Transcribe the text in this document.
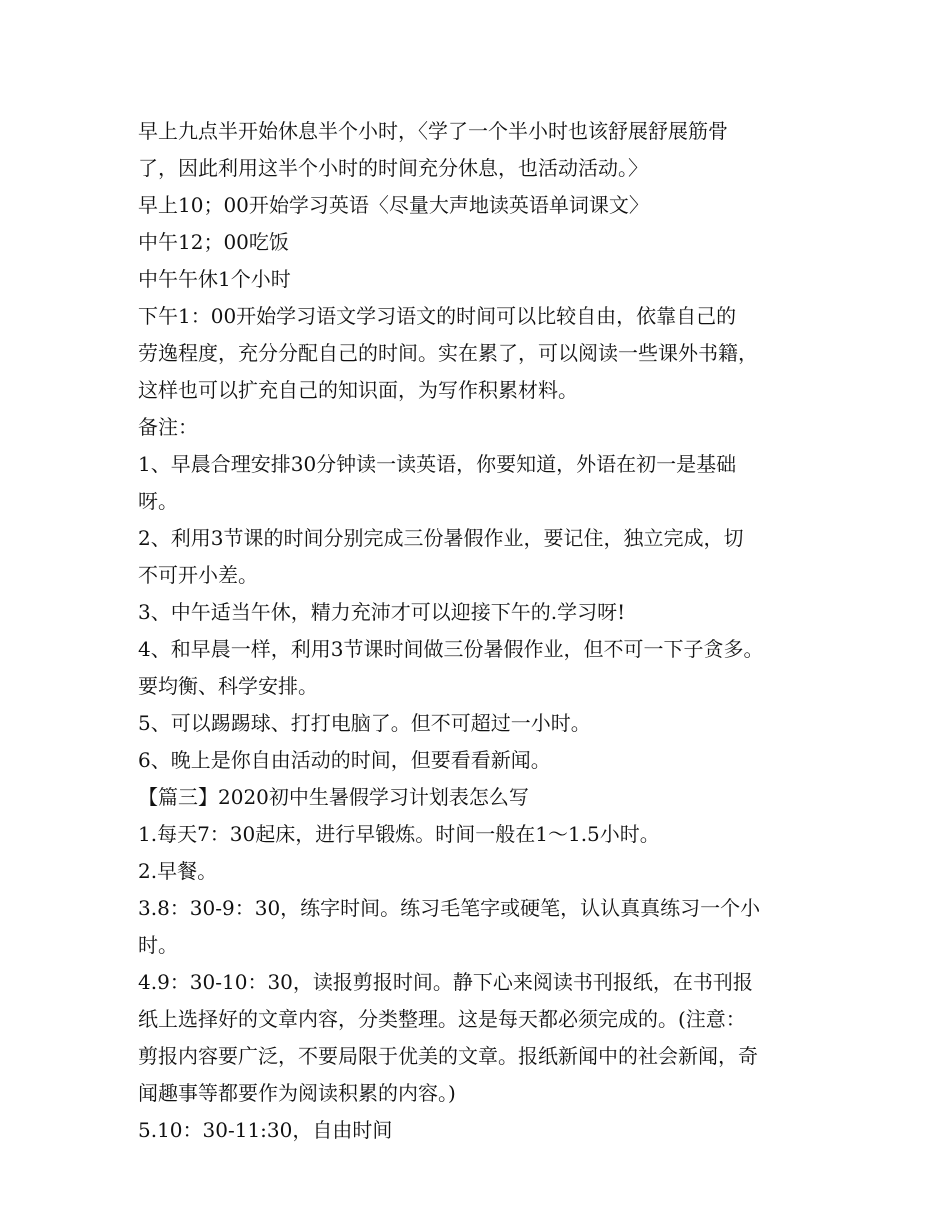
早上九点半开始休息半个小时，〈学了一个半小时也该舒展舒展筋骨

了，因此利用这半个小时的时间充分休息，也活动活动。〉

早上10；00开始学习英语〈尽量大声地读英语单词课文〉

中午12；00吃饭

中午午休1个小时

下午1：00开始学习语文学习语文的时间可以比较自由，依靠自己的

劳逸程度，充分分配自己的时间。实在累了，可以阅读一些课外书籍，

这样也可以扩充自己的知识面，为写作积累材料。

备注：

1、早晨合理安排30分钟读一读英语，你要知道，外语在初一是基础

呀。

2、利用3节课的时间分别完成三份暑假作业，要记住，独立完成，切

不可开小差。

3、中午适当午休，精力充沛才可以迎接下午的.学习呀!

4、和早晨一样，利用3节课时间做三份暑假作业，但不可一下子贪多。

要均衡、科学安排。

5、可以踢踢球、打打电脑了。但不可超过一小时。

6、晚上是你自由活动的时间，但要看看新闻。

【篇三】2020初中生暑假学习计划表怎么写

1.每天7：30起床，进行早锻炼。时间一般在1～1.5小时。

2.早餐。

3.8：30-9：30，练字时间。练习毛笔字或硬笔，认认真真练习一个小

时。

4.9：30-10：30，读报剪报时间。静下心来阅读书刊报纸，在书刊报

纸上选择好的文章内容，分类整理。这是每天都必须完成的。(注意：

剪报内容要广泛，不要局限于优美的文章。报纸新闻中的社会新闻，奇

闻趣事等都要作为阅读积累的内容。)

5.10：30-11:30，自由时间
